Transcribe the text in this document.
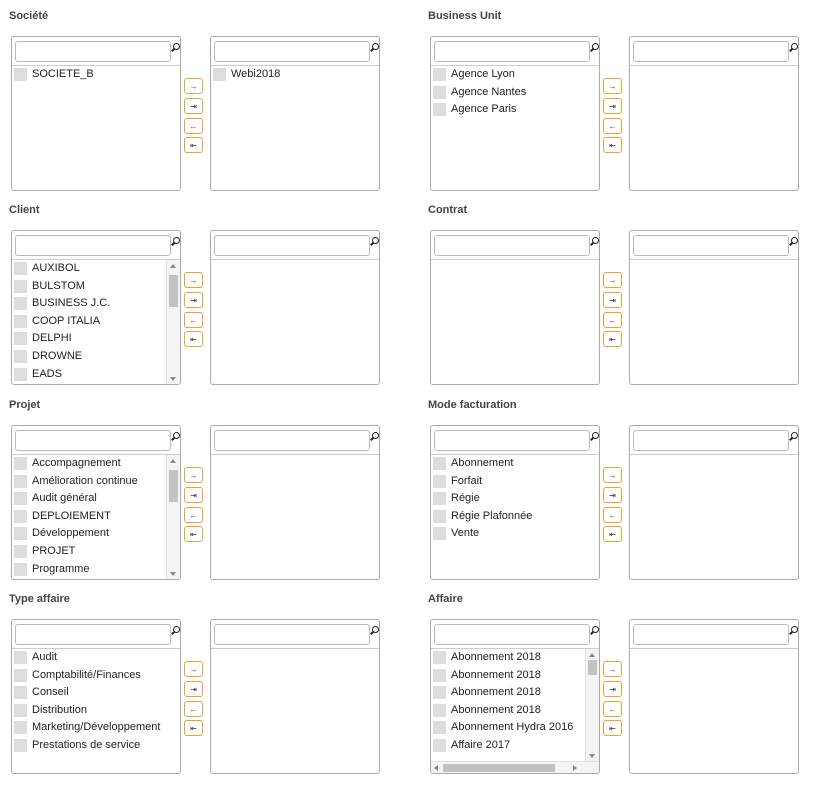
Société
SOCIETE_B
→
⇥
←
⇤
Webi2018
Business Unit
Agence Lyon
Agence Nantes
Agence Paris
→
⇥
←
⇤
Client
AUXIBOL
BULSTOM
BUSINESS J.C.
COOP ITALIA
DELPHI
DROWNE
EADS
→
⇥
←
⇤
Contrat
→
⇥
←
⇤
Projet
Accompagnement
Amélioration continue
Audit général
DEPLOIEMENT
Développement
PROJET
Programme
→
⇥
←
⇤
Mode facturation
Abonnement
Forfait
Régie
Régie Plafonnée
Vente
→
⇥
←
⇤
Type affaire
Audit
Comptabilité/Finances
Conseil
Distribution
Marketing/Développement
Prestations de service
→
⇥
←
⇤
Affaire
Abonnement 2018
Abonnement 2018
Abonnement 2018
Abonnement 2018
Abonnement Hydra 2016
Affaire 2017
→
⇥
←
⇤
